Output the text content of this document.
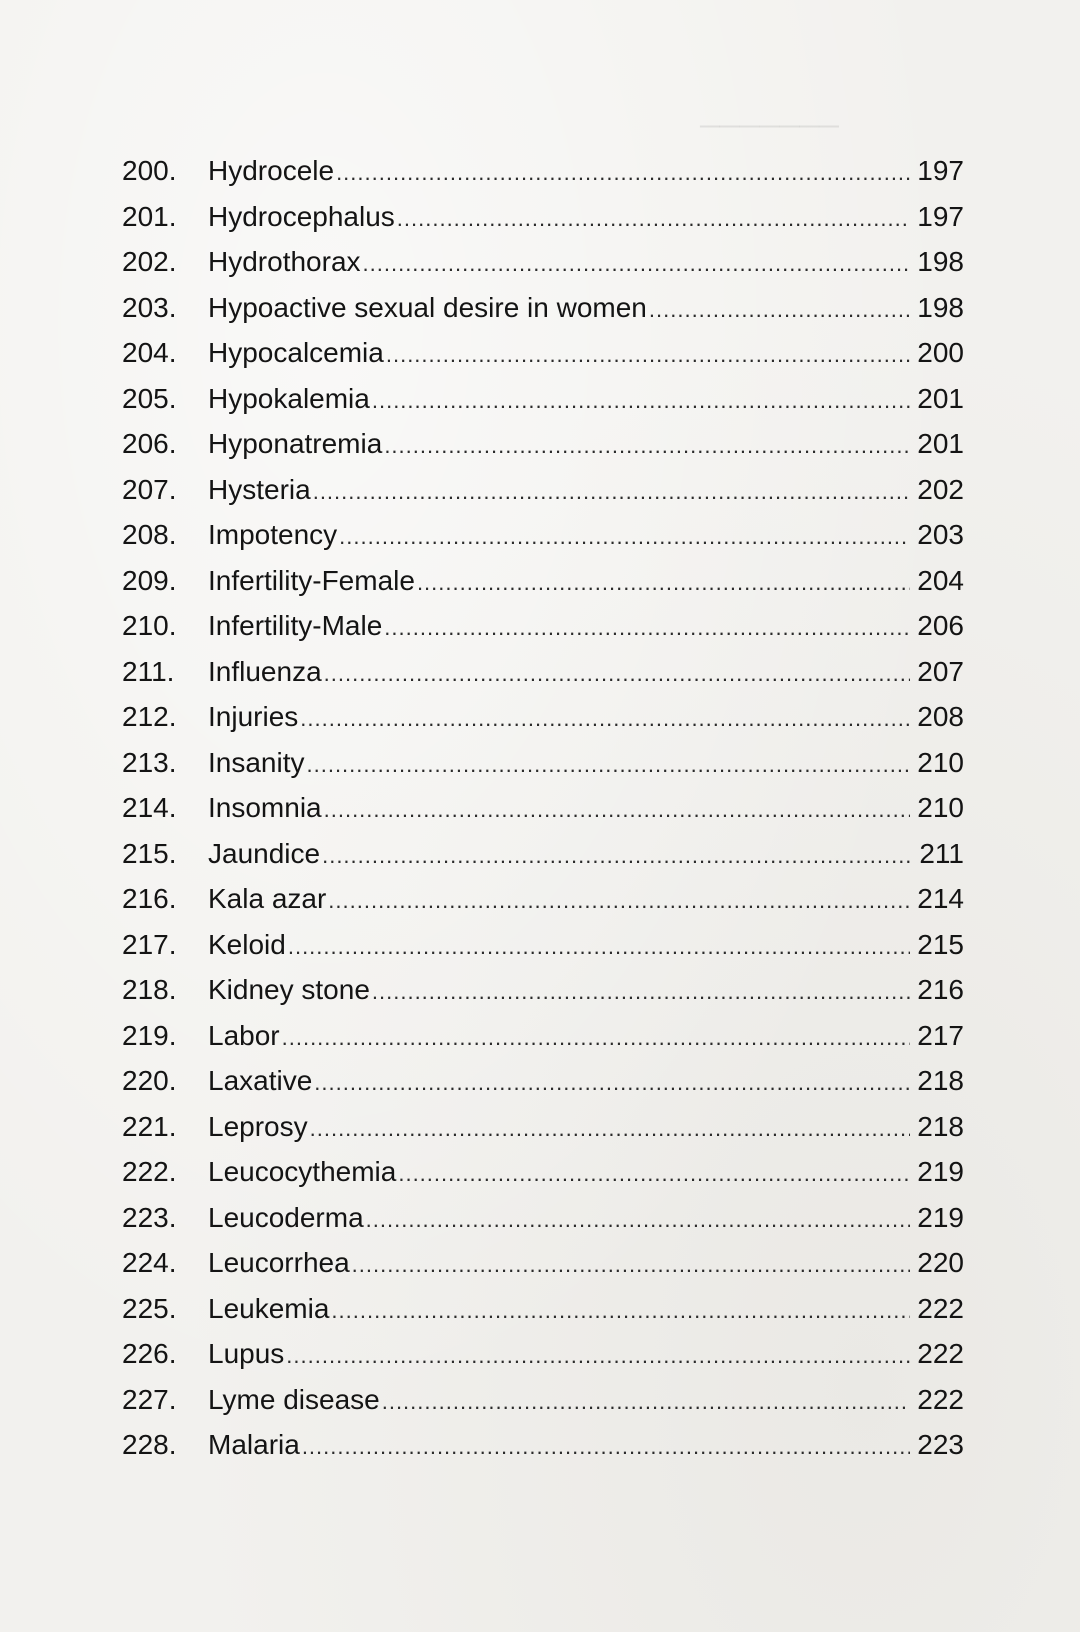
───────
200.	Hydrocele .....	197
201.	Hydrocephalus .....	197
202.	Hydrothorax .....	198
203.	Hypoactive sexual desire in women .....	198
204.	Hypocalcemia .....	200
205.	Hypokalemia .....	201
206.	Hyponatremia .....	201
207.	Hysteria .....	202
208.	Impotency .....	203
209.	Infertility-Female .....	204
210.	Infertility-Male .....	206
211.	Influenza .....	207
212.	Injuries .....	208
213.	Insanity .....	210
214.	Insomnia .....	210
215.	Jaundice .....	211
216.	Kala azar .....	214
217.	Keloid .....	215
218.	Kidney stone .....	216
219.	Labor .....	217
220.	Laxative .....	218
221.	Leprosy .....	218
222.	Leucocythemia .....	219
223.	Leucoderma .....	219
224.	Leucorrhea .....	220
225.	Leukemia .....	222
226.	Lupus .....	222
227.	Lyme disease .....	222
228.	Malaria .....	223
